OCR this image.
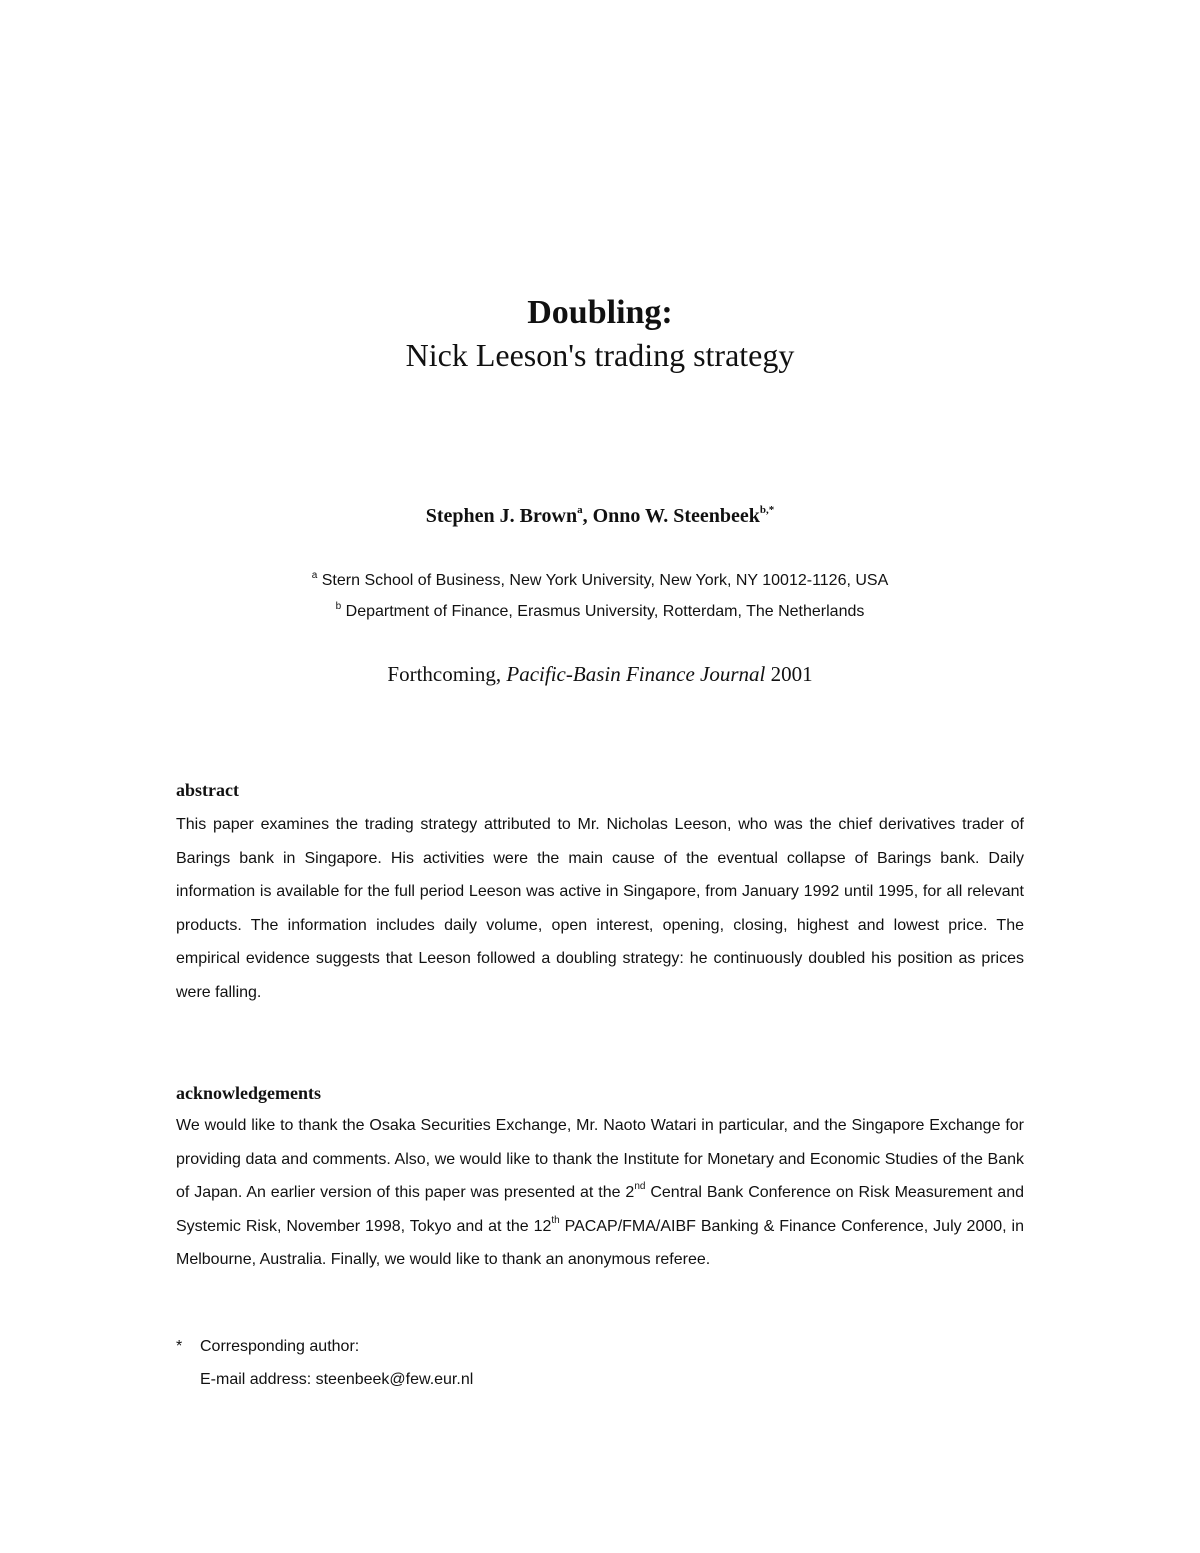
Doubling:
Nick Leeson's trading strategy
Stephen J. Brown$^a$, Onno W. Steenbeek$^{b,*}$
$^a$ Stern School of Business, New York University, New York, NY 10012-1126, USA
$^b$ Department of Finance, Erasmus University, Rotterdam, The Netherlands
Forthcoming, Pacific-Basin Finance Journal 2001
abstract
This paper examines the trading strategy attributed to Mr. Nicholas Leeson, who was the chief derivatives trader of Barings bank in Singapore. His activities were the main cause of the eventual collapse of Barings bank. Daily information is available for the full period Leeson was active in Singapore, from January 1992 until 1995, for all relevant products. The information includes daily volume, open interest, opening, closing, highest and lowest price. The empirical evidence suggests that Leeson followed a doubling strategy: he continuously doubled his position as prices were falling.
acknowledgements
We would like to thank the Osaka Securities Exchange, Mr. Naoto Watari in particular, and the Singapore Exchange for providing data and comments. Also, we would like to thank the Institute for Monetary and Economic Studies of the Bank of Japan. An earlier version of this paper was presented at the 2nd Central Bank Conference on Risk Measurement and Systemic Risk, November 1998, Tokyo and at the 12th PACAP/FMA/AIBF Banking & Finance Conference, July 2000, in Melbourne, Australia. Finally, we would like to thank an anonymous referee.
* Corresponding author:
E-mail address: steenbeek@few.eur.nl
